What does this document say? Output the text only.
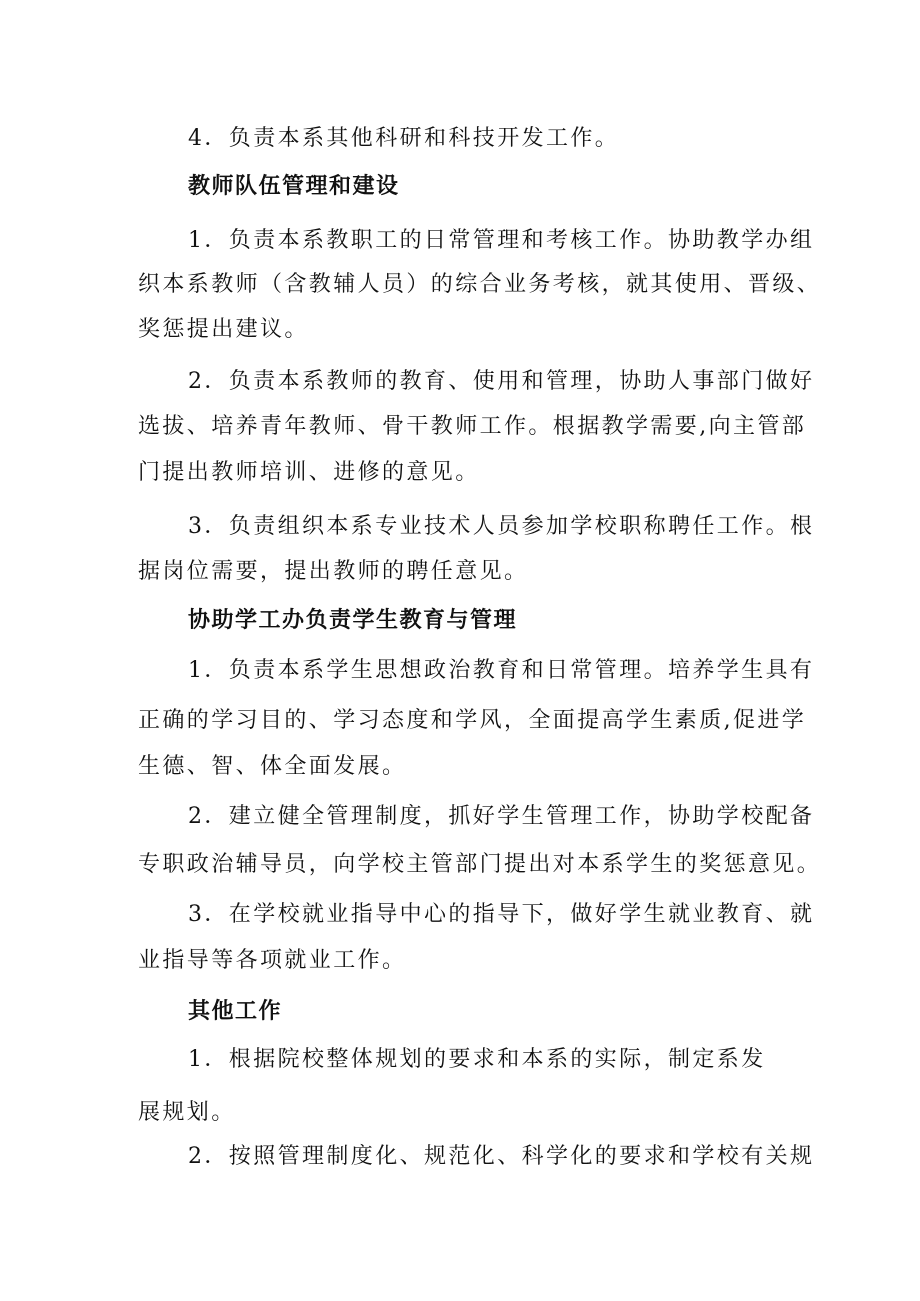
4．负责本系其他科研和科技开发工作。
教师队伍管理和建设
1．负责本系教职工的日常管理和考核工作。协助教学办组
织本系教师（含教辅人员）的综合业务考核，就其使用、晋级、
奖惩提出建议。
2．负责本系教师的教育、使用和管理，协助人事部门做好
选拔、培养青年教师、骨干教师工作。根据教学需要,向主管部
门提出教师培训、进修的意见。
3．负责组织本系专业技术人员参加学校职称聘任工作。根
据岗位需要，提出教师的聘任意见。
协助学工办负责学生教育与管理
1．负责本系学生思想政治教育和日常管理。培养学生具有
正确的学习目的、学习态度和学风，全面提高学生素质,促进学
生德、智、体全面发展。
2．建立健全管理制度，抓好学生管理工作，协助学校配备
专职政治辅导员，向学校主管部门提出对本系学生的奖惩意见。
3．在学校就业指导中心的指导下，做好学生就业教育、就
业指导等各项就业工作。
其他工作
1．根据院校整体规划的要求和本系的实际，制定系发
展规划。
2．按照管理制度化、规范化、科学化的要求和学校有关规
